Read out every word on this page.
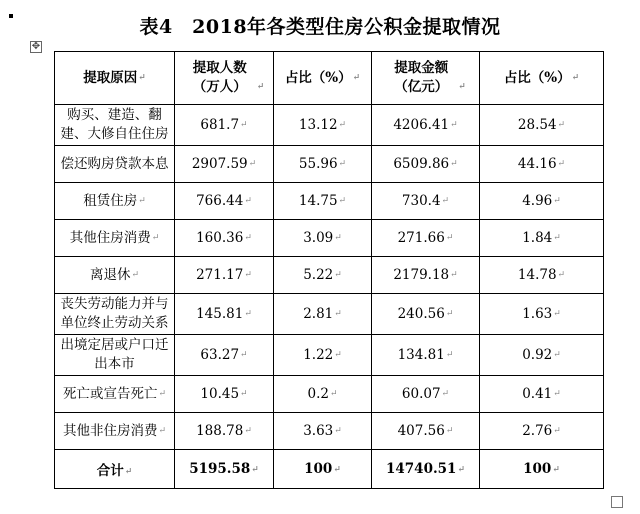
表4　2018年各类型住房公积金提取情况
✥
提取原因↵	提取人数（万人） ↵	占比（%）↵	提取金额（亿元） ↵	占比（%）↵
购买、建造、翻建、大修自住住房	681.7↵	13.12↵	4206.41↵	28.54↵
偿还购房贷款本息	2907.59↵	55.96↵	6509.86↵	44.16↵
租赁住房↵	766.44↵	14.75↵	730.4↵	4.96↵
其他住房消费↵	160.36↵	3.09↵	271.66↵	1.84↵
离退休↵	271.17↵	5.22↵	2179.18↵	14.78↵
丧失劳动能力并与单位终止劳动关系	145.81↵	2.81↵	240.56↵	1.63↵
出境定居或户口迁出本市	63.27↵	1.22↵	134.81↵	0.92↵
死亡或宣告死亡↵	10.45↵	0.2↵	60.07↵	0.41↵
其他非住房消费↵	188.78↵	3.63↵	407.56↵	2.76↵
合计↵	5195.58↵	100↵	14740.51↵	100↵
